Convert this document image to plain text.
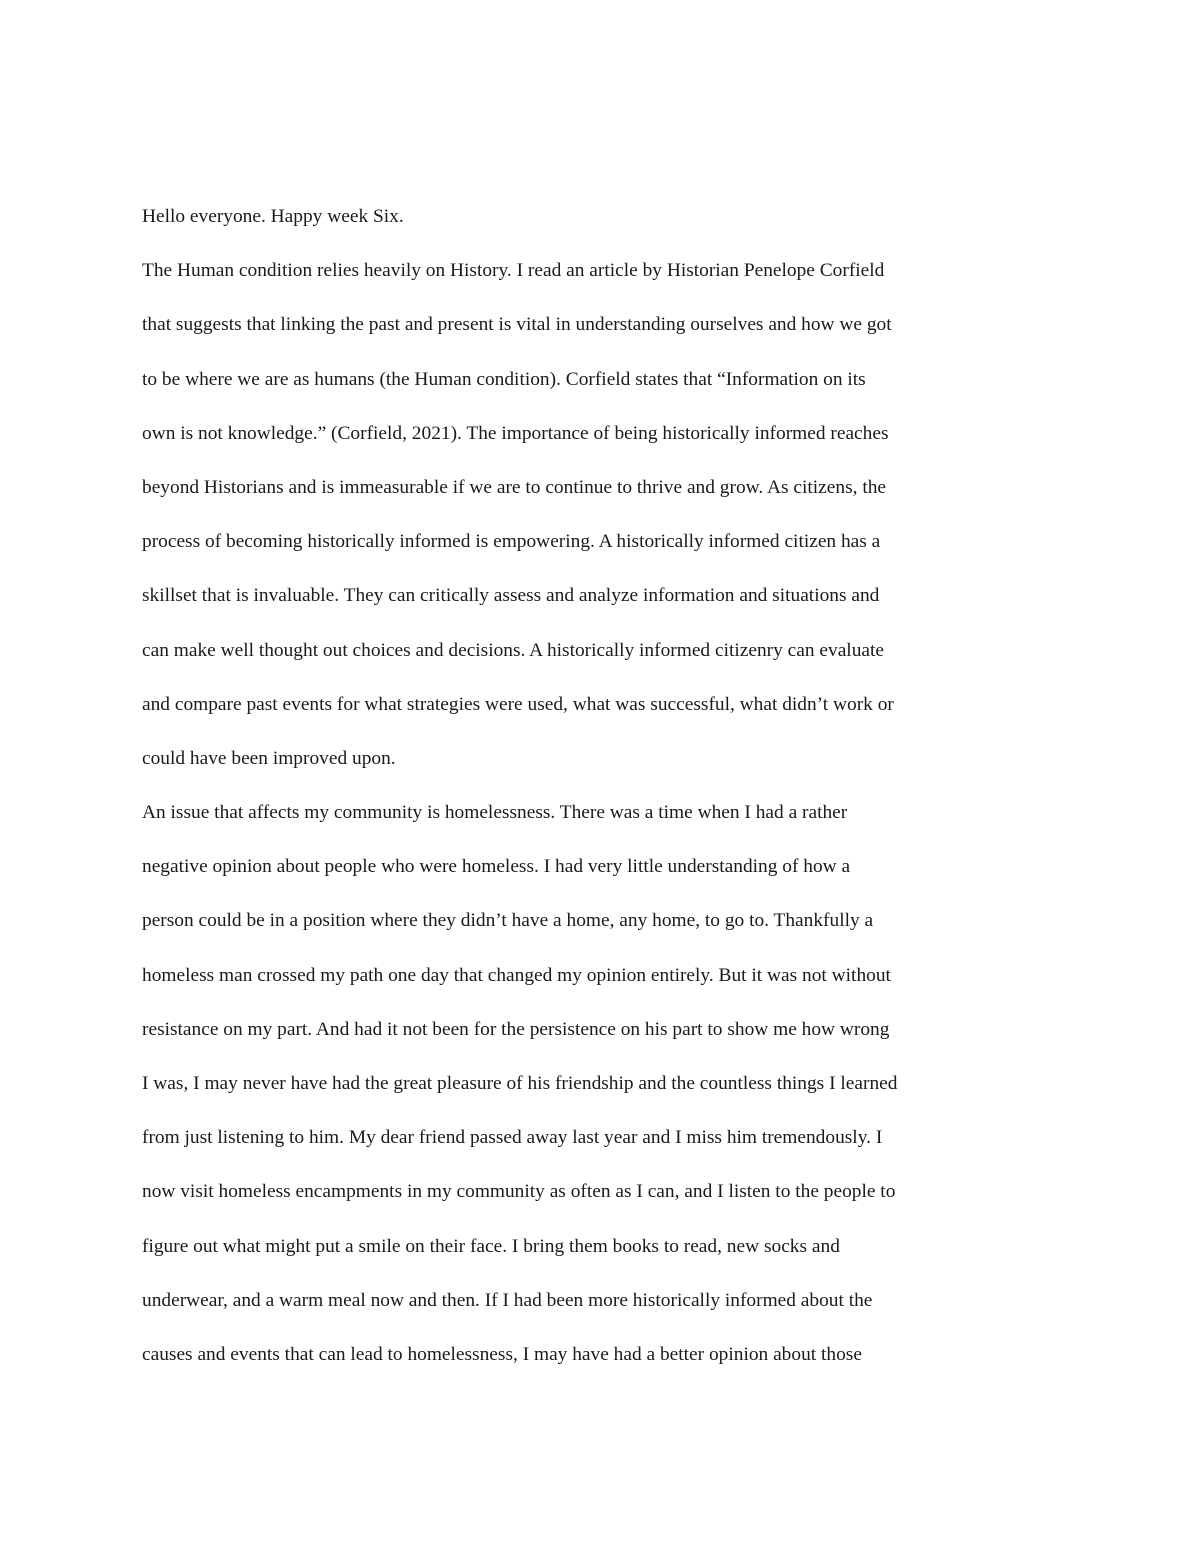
Hello everyone. Happy week Six.
The Human condition relies heavily on History. I read an article by Historian Penelope Corfield
that suggests that linking the past and present is vital in understanding ourselves and how we got
to be where we are as humans (the Human condition). Corfield states that “Information on its
own is not knowledge.” (Corfield, 2021). The importance of being historically informed reaches
beyond Historians and is immeasurable if we are to continue to thrive and grow. As citizens, the
process of becoming historically informed is empowering. A historically informed citizen has a
skillset that is invaluable. They can critically assess and analyze information and situations and
can make well thought out choices and decisions. A historically informed citizenry can evaluate
and compare past events for what strategies were used, what was successful, what didn’t work or
could have been improved upon.
An issue that affects my community is homelessness. There was a time when I had a rather
negative opinion about people who were homeless. I had very little understanding of how a
person could be in a position where they didn’t have a home, any home, to go to. Thankfully a
homeless man crossed my path one day that changed my opinion entirely. But it was not without
resistance on my part. And had it not been for the persistence on his part to show me how wrong
I was, I may never have had the great pleasure of his friendship and the countless things I learned
from just listening to him. My dear friend passed away last year and I miss him tremendously. I
now visit homeless encampments in my community as often as I can, and I listen to the people to
figure out what might put a smile on their face. I bring them books to read, new socks and
underwear, and a warm meal now and then. If I had been more historically informed about the
causes and events that can lead to homelessness, I may have had a better opinion about those
